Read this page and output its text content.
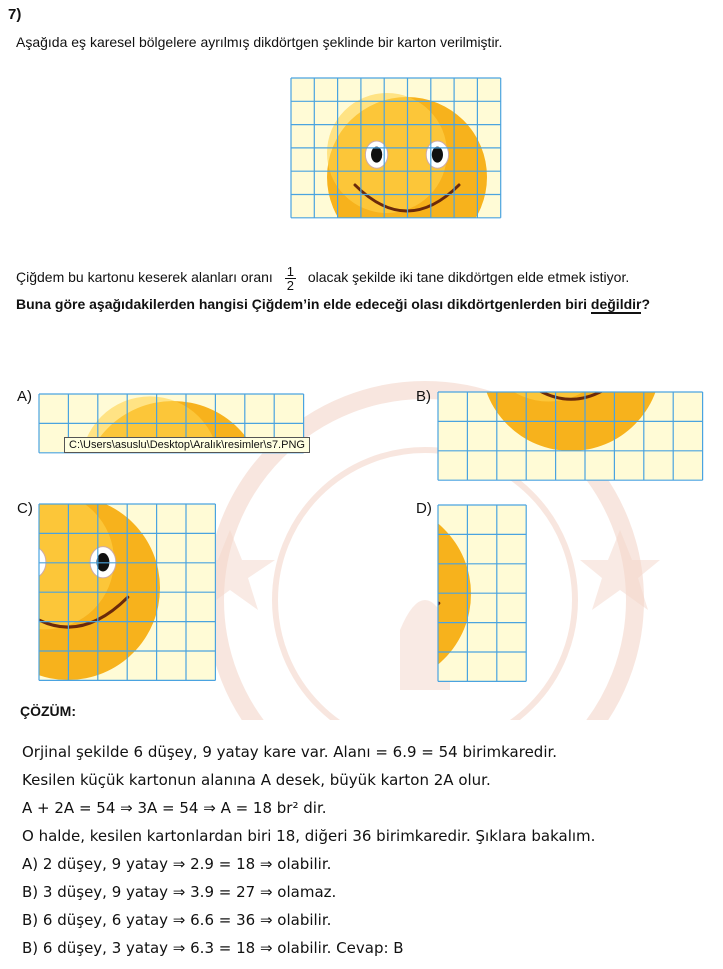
7)
Aşağıda eş karesel bölgelere ayrılmış dikdörtgen şeklinde bir karton verilmiştir.
Çiğdem bu kartonu keserek alanları oranı $\frac{1}{2}$ olacak şekilde iki tane dikdörtgen elde etmek istiyor.
Buna göre aşağıdakilerden hangisi Çiğdem’in elde edeceği olası dikdörtgenlerden biri değildir?
A)	B)
C:\Users\asuslu\Desktop\Aralık\resimler\s7.PNG
C)	D)
ÇÖZÜM:
Orjinal şekilde 6 düşey, 9 yatay kare var. Alanı = 6.9 = 54 birimkaredir.
Kesilen küçük kartonun alanına A desek, büyük karton 2A olur.
A + 2A = 54 ⇒ 3A = 54 ⇒ A = 18 br² dir.
O halde, kesilen kartonlardan biri 18, diğeri 36 birimkaredir. Şıklara bakalım.
A) 2 düşey, 9 yatay ⇒ 2.9 = 18 ⇒ olabilir.
B) 3 düşey, 9 yatay ⇒ 3.9 = 27 ⇒ olamaz.
B) 6 düşey, 6 yatay ⇒ 6.6 = 36 ⇒ olabilir.
B) 6 düşey, 3 yatay ⇒ 6.3 = 18 ⇒ olabilir. Cevap: B
